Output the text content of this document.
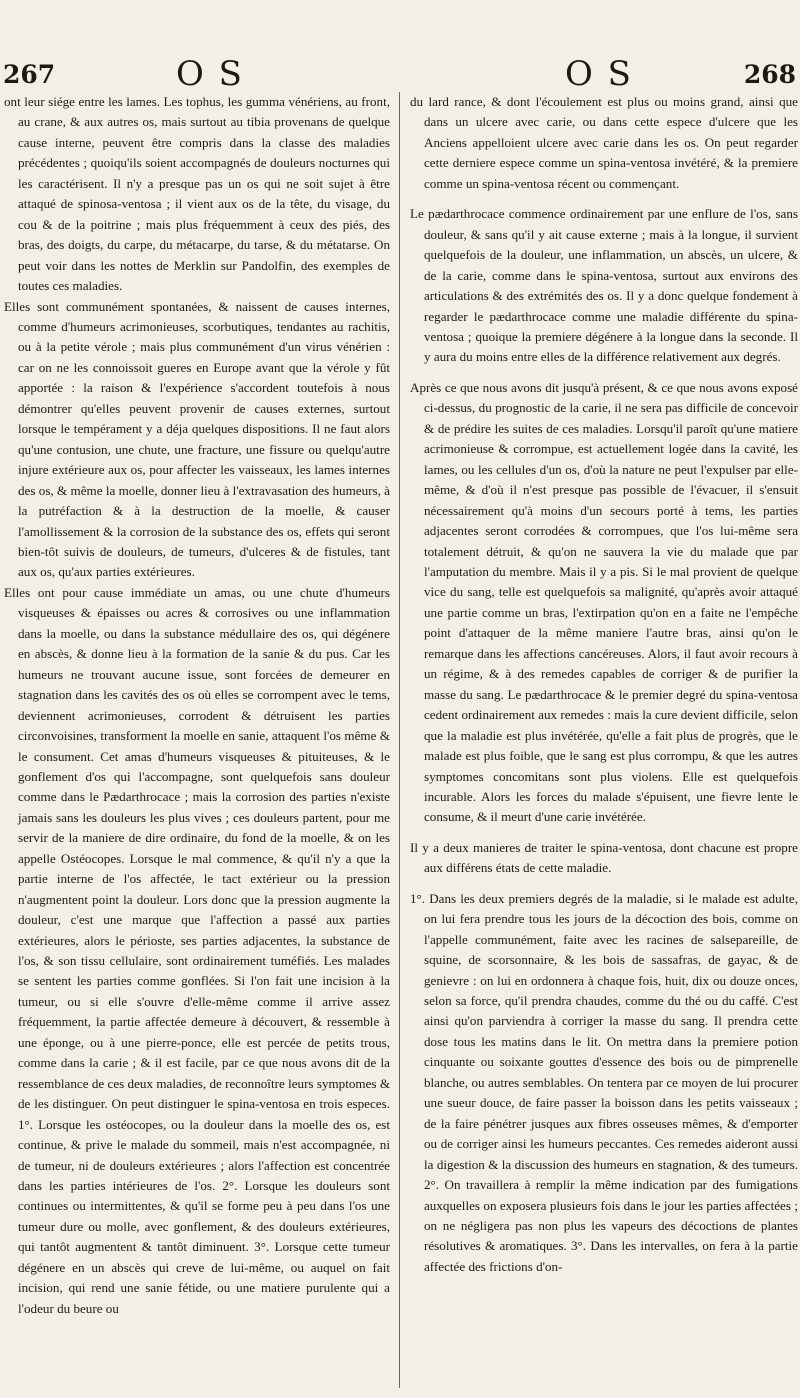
267	O S	O S	268

ont leur siége entre les lames. Les tophus, les gumma vénériens, au front, au crane, & aux autres os, mais surtout au tibia provenans de quelque cause interne, peuvent être compris dans la classe des maladies précédentes ; quoiqu'ils soient accompagnés de douleurs nocturnes qui les caractérisent. Il n'y a presque pas un os qui ne soit sujet à être attaqué de spinosa-ventosa ; il vient aux os de la tête, du visage, du cou & de la poitrine ; mais plus fréquemment à ceux des piés, des bras, des doigts, du carpe, du métacarpe, du tarse, & du métatarse. On peut voir dans les nottes de Merklin sur Pandolfin, des exemples de toutes ces maladies.

Elles sont communément spontanées, & naissent de causes internes, comme d'humeurs acrimonieuses, scorbutiques, tendantes au rachitis, ou à la petite vérole ; mais plus communément d'un virus vénérien : car on ne les connoissoit gueres en Europe avant que la vérole y fût apportée : la raison & l'expérience s'accordent toutefois à nous démontrer qu'elles peuvent provenir de causes externes, surtout lorsque le tempérament y a déja quelques dispositions. Il ne faut alors qu'une contusion, une chute, une fracture, une fissure ou quelqu'autre injure extérieure aux os, pour affecter les vaisseaux, les lames internes des os, & même la moelle, donner lieu à l'extravasation des humeurs, à la putréfaction & à la destruction de la moelle, & causer l'amollissement & la corrosion de la substance des os, effets qui seront bien-tôt suivis de douleurs, de tumeurs, d'ulceres & de fistules, tant aux os, qu'aux parties extérieures.

Elles ont pour cause immédiate un amas, ou une chute d'humeurs visqueuses & épaisses ou acres & corrosives ou une inflammation dans la moelle, ou dans la substance médullaire des os, qui dégénere en abscès, & donne lieu à la formation de la sanie & du pus. Car les humeurs ne trouvant aucune issue, sont forcées de demeurer en stagnation dans les cavités des os où elles se corrompent avec le tems, deviennent acrimonieuses, corrodent & détruisent les parties circonvoisines, transforment la moelle en sanie, attaquent l'os même & le consument. Cet amas d'humeurs visqueuses & pituiteuses, & le gonflement d'os qui l'accompagne, sont quelquefois sans douleur comme dans le Pædarthrocace ; mais la corrosion des parties n'existe jamais sans les douleurs les plus vives ; ces douleurs partent, pour me servir de la maniere de dire ordinaire, du fond de la moelle, & on les appelle Ostéocopes. Lorsque le mal commence, & qu'il n'y a que la partie interne de l'os affectée, le tact extérieur ou la pression n'augmentent point la douleur. Lors donc que la pression augmente la douleur, c'est une marque que l'affection a passé aux parties extérieures, alors le périoste, ses parties adjacentes, la substance de l'os, & son tissu cellulaire, sont ordinairement tuméfiés. Les malades se sentent les parties comme gonflées. Si l'on fait une incision à la tumeur, ou si elle s'ouvre d'elle-même comme il arrive assez fréquemment, la partie affectée demeure à découvert, & ressemble à une éponge, ou à une pierre-ponce, elle est percée de petits trous, comme dans la carie ; & il est facile, par ce que nous avons dit de la ressemblance de ces deux maladies, de reconnoître leurs symptomes & de les distinguer. On peut distinguer le spina-ventosa en trois especes. 1°. Lorsque les ostéocopes, ou la douleur dans la moelle des os, est continue, & prive le malade du sommeil, mais n'est accompagnée, ni de tumeur, ni de douleurs extérieures ; alors l'affection est concentrée dans les parties intérieures de l'os. 2°. Lorsque les douleurs sont continues ou intermittentes, & qu'il se forme peu à peu dans l'os une tumeur dure ou molle, avec gonflement, & des douleurs extérieures, qui tantôt augmentent & tantôt diminuent. 3°. Lorsque cette tumeur dégénere en un abscès qui creve de lui-même, ou auquel on fait incision, qui rend une sanie fétide, ou une matiere purulente qui a l'odeur du beure ou

du lard rance, & dont l'écoulement est plus ou moins grand, ainsi que dans un ulcere avec carie, ou dans cette espece d'ulcere que les Anciens appelloient ulcere avec carie dans les os. On peut regarder cette derniere espece comme un spina-ventosa invétéré, & la premiere comme un spina-ventosa récent ou commençant.

Le pædarthrocace commence ordinairement par une enflure de l'os, sans douleur, & sans qu'il y ait cause externe ; mais à la longue, il survient quelquefois de la douleur, une inflammation, un abscès, un ulcere, & de la carie, comme dans le spina-ventosa, surtout aux environs des articulations & des extrémités des os. Il y a donc quelque fondement à regarder le pædarthrocace comme une maladie différente du spina-ventosa ; quoique la premiere dégénere à la longue dans la seconde. Il y aura du moins entre elles de la différence relativement aux degrés.

Après ce que nous avons dit jusqu'à présent, & ce que nous avons exposé ci-dessus, du prognostic de la carie, il ne sera pas difficile de concevoir & de prédire les suites de ces maladies. Lorsqu'il paroît qu'une matiere acrimonieuse & corrompue, est actuellement logée dans la cavité, les lames, ou les cellules d'un os, d'où la nature ne peut l'expulser par elle-même, & d'où il n'est presque pas possible de l'évacuer, il s'ensuit nécessairement qu'à moins d'un secours porté à tems, les parties adjacentes seront corrodées & corrompues, que l'os lui-même sera totalement détruit, & qu'on ne sauvera la vie du malade que par l'amputation du membre. Mais il y a pis. Si le mal provient de quelque vice du sang, telle est quelquefois sa malignité, qu'après avoir attaqué une partie comme un bras, l'extirpation qu'on en a faite ne l'empêche point d'attaquer de la même maniere l'autre bras, ainsi qu'on le remarque dans les affections cancéreuses. Alors, il faut avoir recours à un régime, & à des remedes capables de corriger & de purifier la masse du sang. Le pædarthrocace & le premier degré du spina-ventosa cedent ordinairement aux remedes : mais la cure devient difficile, selon que la maladie est plus invétérée, qu'elle a fait plus de progrès, que le malade est plus foible, que le sang est plus corrompu, & que les autres symptomes concomitans sont plus violens. Elle est quelquefois incurable. Alors les forces du malade s'épuisent, une fievre lente le consume, & il meurt d'une carie invétérée.

Il y a deux manieres de traiter le spina-ventosa, dont chacune est propre aux différens états de cette maladie.

1°. Dans les deux premiers degrés de la maladie, si le malade est adulte, on lui fera prendre tous les jours de la décoction des bois, comme on l'appelle communément, faite avec les racines de salsepareille, de squine, de scorsonnaire, & les bois de sassafras, de gayac, & de genievre : on lui en ordonnera à chaque fois, huit, dix ou douze onces, selon sa force, qu'il prendra chaudes, comme du thé ou du caffé. C'est ainsi qu'on parviendra à corriger la masse du sang. Il prendra cette dose tous les matins dans le lit. On mettra dans la premiere potion cinquante ou soixante gouttes d'essence des bois ou de pimprenelle blanche, ou autres semblables. On tentera par ce moyen de lui procurer une sueur douce, de faire passer la boisson dans les petits vaisseaux ; de la faire pénétrer jusques aux fibres osseuses mêmes, & d'emporter ou de corriger ainsi les humeurs peccantes. Ces remedes aideront aussi la digestion & la discussion des humeurs en stagnation, & des tumeurs. 2°. On travaillera à remplir la même indication par des fumigations auxquelles on exposera plusieurs fois dans le jour les parties affectées ; on ne négligera pas non plus les vapeurs des décoctions de plantes résolutives & aromatiques. 3°. Dans les intervalles, on fera à la partie affectée des frictions d'on-
